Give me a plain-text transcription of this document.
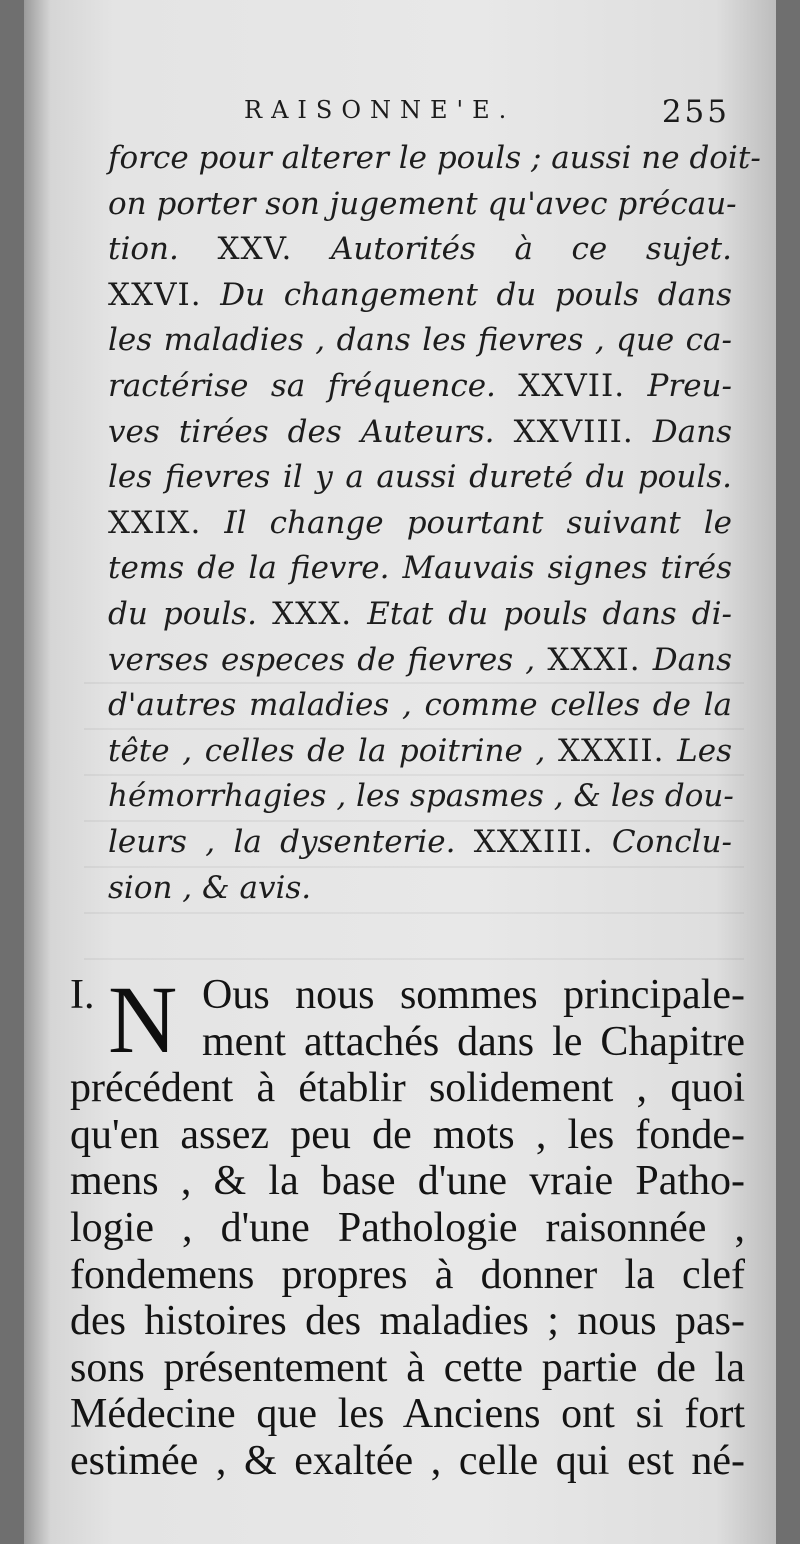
RAISONNE'E.	255
force pour alterer le pouls ; aussi ne doit-
on porter son jugement qu'avec précau-
tion. XXV. Autorités à ce sujet.
XXVI. Du changement du pouls dans
les maladies , dans les fievres , que ca-
ractérise sa fréquence. XXVII. Preu-
ves tirées des Auteurs. XXVIII. Dans
les fievres il y a aussi dureté du pouls.
XXIX. Il change pourtant suivant le
tems de la fievre. Mauvais signes tirés
du pouls. XXX. Etat du pouls dans di-
verses especes de fievres , XXXI. Dans
d'autres maladies , comme celles de la
tête , celles de la poitrine , XXXII. Les
hémorrhagies , les spasmes , & les dou-
leurs , la dysenterie. XXXIII. Conclu-
sion , & avis.
I. N Ous nous sommes principale-
ment attachés dans le Chapitre
précédent à établir solidement , quoi
qu'en assez peu de mots , les fonde-
mens , & la base d'une vraie Patho-
logie , d'une Pathologie raisonnée ,
fondemens propres à donner la clef
des histoires des maladies ; nous pas-
sons présentement à cette partie de la
Médecine que les Anciens ont si fort
estimée , & exaltée , celle qui est né-
